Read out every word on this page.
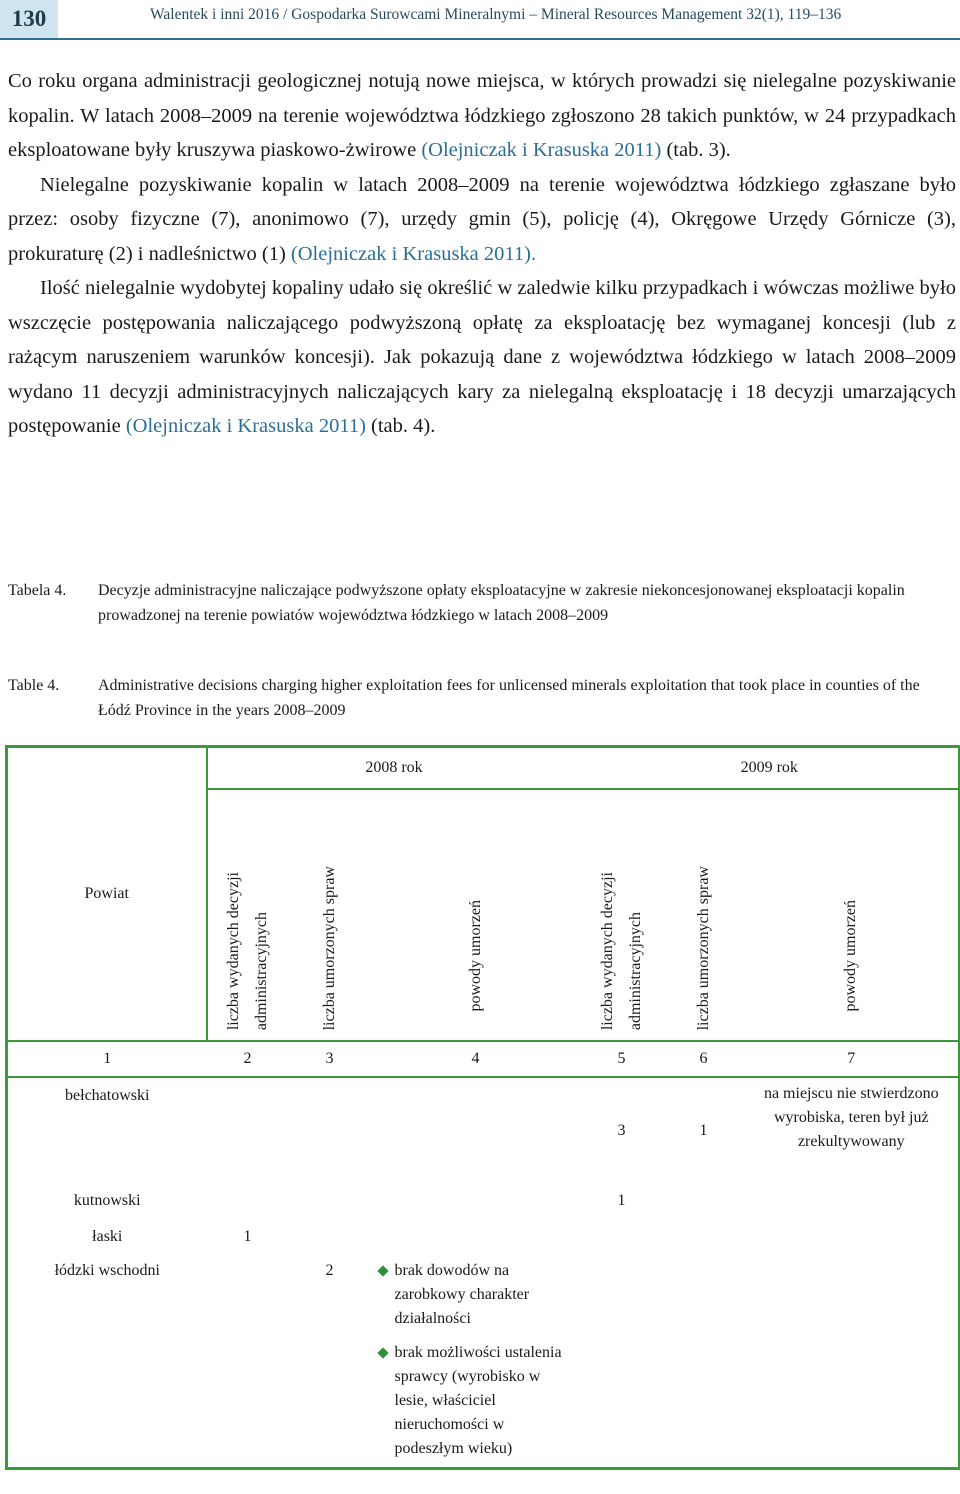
130	Walentek i inni 2016 / Gospodarka Surowcami Mineralnymi – Mineral Resources Management 32(1), 119–136

Co roku organa administracji geologicznej notują nowe miejsca, w których prowadzi się nielegalne pozyskiwanie kopalin. W latach 2008–2009 na terenie województwa łódzkiego zgłoszono 28 takich punktów, w 24 przypadkach eksploatowane były kruszywa piaskowo-żwirowe (Olejniczak i Krasuska 2011) (tab. 3).

Nielegalne pozyskiwanie kopalin w latach 2008–2009 na terenie województwa łódzkiego zgłaszane było przez: osoby fizyczne (7), anonimowo (7), urzędy gmin (5), policję (4), Okręgowe Urzędy Górnicze (3), prokuraturę (2) i nadleśnictwo (1) (Olejniczak i Krasuska 2011).

Ilość nielegalnie wydobytej kopaliny udało się określić w zaledwie kilku przypadkach i wówczas możliwe było wszczęcie postępowania naliczającego podwyższoną opłatę za eksploatację bez wymaganej koncesji (lub z rażącym naruszeniem warunków koncesji). Jak pokazują dane z województwa łódzkiego w latach 2008–2009 wydano 11 decyzji administracyjnych naliczających kary za nielegalną eksploatację i 18 decyzji umarzających postępowanie (Olejniczak i Krasuska 2011) (tab. 4).

Tabela 4. Decyzje administracyjne naliczające podwyższone opłaty eksploatacyjne w zakresie niekoncesjonowanej eksploatacji kopalin prowadzonej na terenie powiatów województwa łódzkiego w latach 2008–2009
Table 4. Administrative decisions charging higher exploitation fees for unlicensed minerals exploitation that took place in counties of the Łódź Province in the years 2008–2009
Powiat	2008 rok			2009 rok		

	liczba wydanych decyzji administracyjnych	liczba umorzonych spraw	powody umorzeń	liczba wydanych decyzji administracyjnych	liczba umorzonych spraw	powody umorzeń

1	2	3	4	5	6	7
bełchatowski				3	1	na miejscu nie stwierdzono wyrobiska, teren był już zrekultywowany
kutnowski				1		
łaski	1					
łódzki wschodni		2	brak dowodów na zarobkowy charakter działalności
brak możliwości ustalenia sprawcy (wyrobisko w lesie, właściciel nieruchomości w podeszłym wieku)			
